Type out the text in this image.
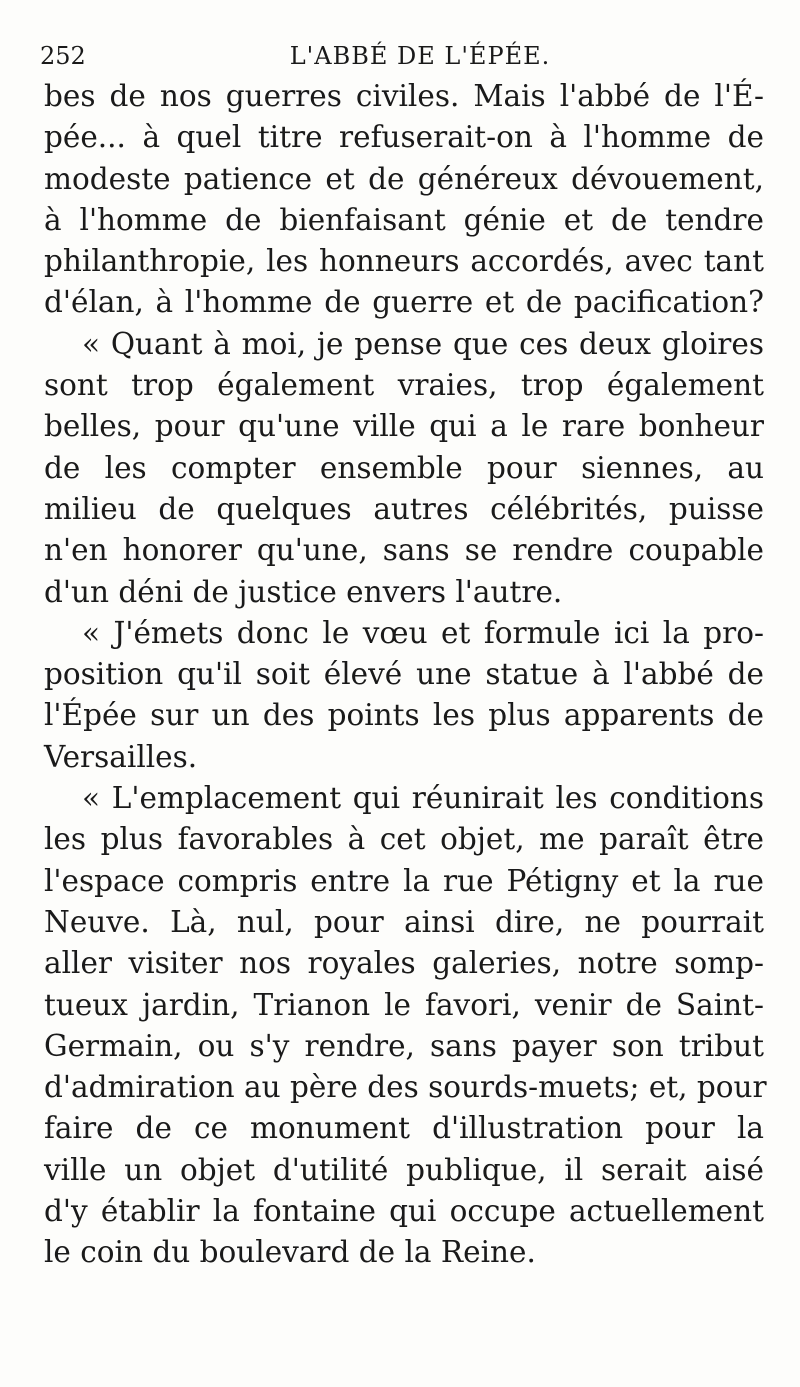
252	L'ABBÉ DE L'ÉPÉE.
bes de nos guerres civiles. Mais l'abbé de l'É-
pée... à quel titre refuserait-on à l'homme de
modeste patience et de généreux dévouement,
à l'homme de bienfaisant génie et de tendre
philanthropie, les honneurs accordés, avec tant
d'élan, à l'homme de guerre et de pacification?
« Quant à moi, je pense que ces deux gloires
sont trop également vraies, trop également
belles, pour qu'une ville qui a le rare bonheur
de les compter ensemble pour siennes, au
milieu de quelques autres célébrités, puisse
n'en honorer qu'une, sans se rendre coupable
d'un déni de justice envers l'autre.
« J'émets donc le vœu et formule ici la pro-
position qu'il soit élevé une statue à l'abbé de
l'Épée sur un des points les plus apparents de
Versailles.
« L'emplacement qui réunirait les conditions
les plus favorables à cet objet, me paraît être
l'espace compris entre la rue Pétigny et la rue
Neuve. Là, nul, pour ainsi dire, ne pourrait
aller visiter nos royales galeries, notre somp-
tueux jardin, Trianon le favori, venir de Saint-
Germain, ou s'y rendre, sans payer son tribut
d'admiration au père des sourds-muets; et, pour
faire de ce monument d'illustration pour la
ville un objet d'utilité publique, il serait aisé
d'y établir la fontaine qui occupe actuellement
le coin du boulevard de la Reine.
